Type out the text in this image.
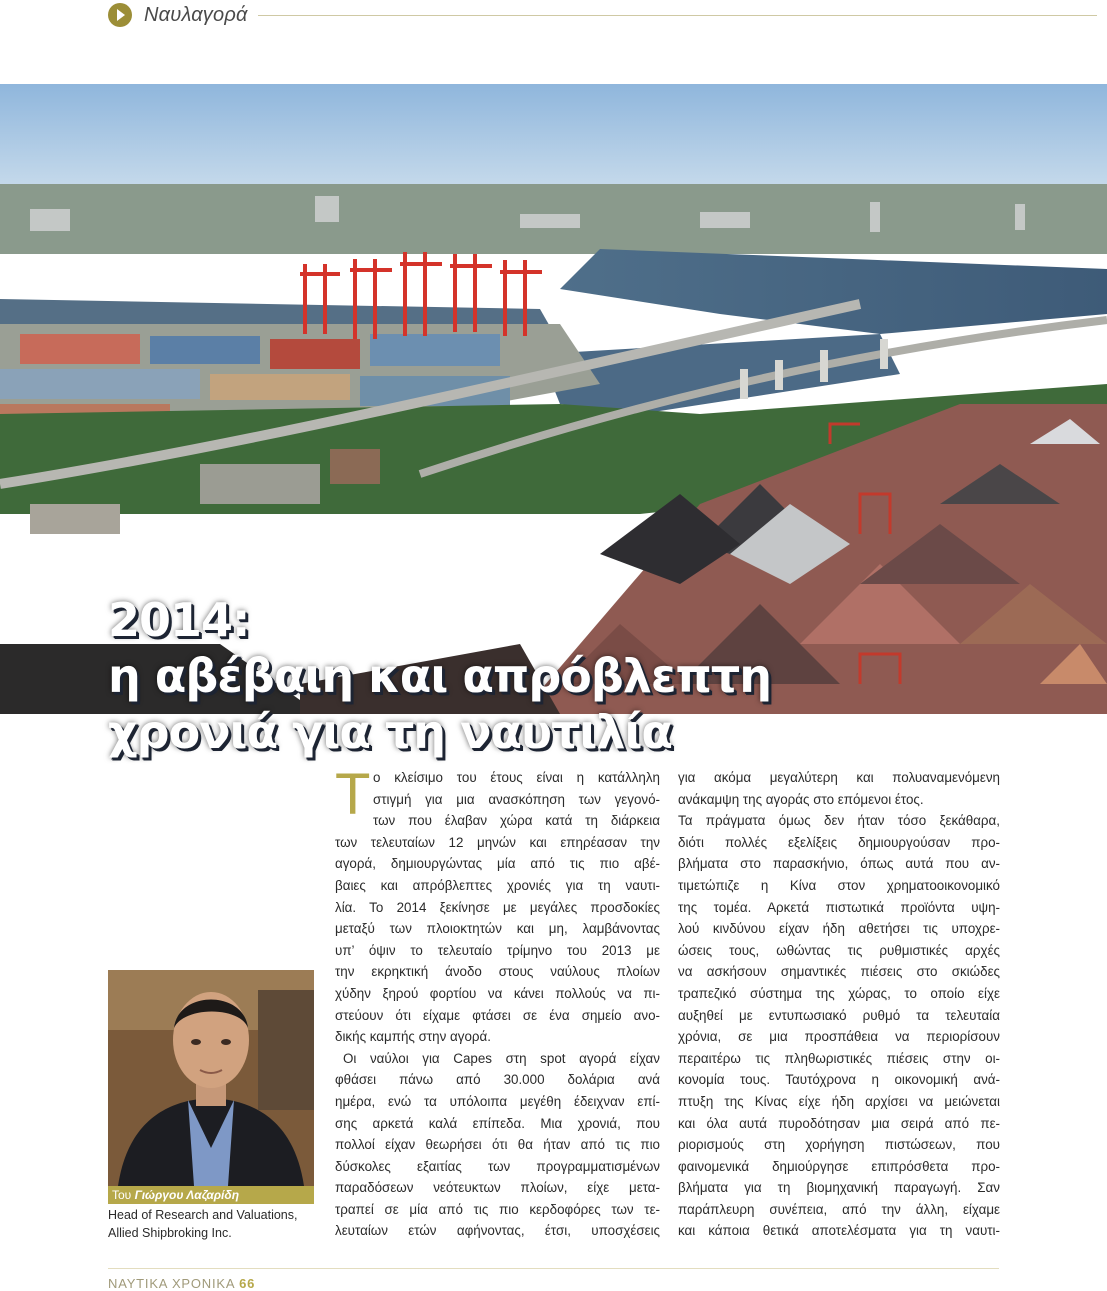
Ναυλαγορά
2014:
η αβέβαιη και απρόβλεπτη
χρονιά για τη ναυτιλία
Του Γιώργου Λαζαρίδη
Head of Research and Valuations,
Allied Shipbroking Inc.
Τ ο κλείσιμο του έτους είναι η κατάλληλη
στιγμή για μια ανασκόπηση των γεγονό-
των που έλαβαν χώρα κατά τη διάρκεια
των τελευταίων 12 μηνών και επηρέασαν την
αγορά, δημιουργώντας μία από τις πιο αβέ-
βαιες και απρόβλεπτες χρονιές για τη ναυτι-
λία. Το 2014 ξεκίνησε με μεγάλες προσδοκίες
μεταξύ των πλοιοκτητών και μη, λαμβάνοντας
υπ’ όψιν το τελευταίο τρίμηνο του 2013 με
την εκρηκτική άνοδο στους ναύλους πλοίων
χύδην ξηρού φορτίου να κάνει πολλούς να πι-
στεύουν ότι είχαμε φτάσει σε ένα σημείο ανο-
δικής καμπής στην αγορά.
Οι ναύλοι για Capes στη spot αγορά είχαν
φθάσει πάνω από 30.000 δολάρια ανά
ημέρα, ενώ τα υπόλοιπα μεγέθη έδειχναν επί-
σης αρκετά καλά επίπεδα. Μια χρονιά, που
πολλοί είχαν θεωρήσει ότι θα ήταν από τις πιο
δύσκολες εξαιτίας των προγραμματισμένων
παραδόσεων νεότευκτων πλοίων, είχε μετα-
τραπεί σε μία από τις πιο κερδοφόρες των τε-
λευταίων ετών αφήνοντας, έτσι, υποσχέσεις
για ακόμα μεγαλύτερη και πολυαναμενόμενη
ανάκαμψη της αγοράς στο επόμενοι έτος.
Τα πράγματα όμως δεν ήταν τόσο ξεκάθαρα,
διότι πολλές εξελίξεις δημιουργούσαν προ-
βλήματα στο παρασκήνιο, όπως αυτά που αν-
τιμετώπιζε η Κίνα στον χρηματοοικονομικό
της τομέα. Αρκετά πιστωτικά προϊόντα υψη-
λού κινδύνου είχαν ήδη αθετήσει τις υποχρε-
ώσεις τους, ωθώντας τις ρυθμιστικές αρχές
να ασκήσουν σημαντικές πιέσεις στο σκιώδες
τραπεζικό σύστημα της χώρας, το οποίο είχε
αυξηθεί με εντυπωσιακό ρυθμό τα τελευταία
χρόνια, σε μια προσπάθεια να περιορίσουν
περαιτέρω τις πληθωριστικές πιέσεις στην οι-
κονομία τους. Ταυτόχρονα η οικονομική ανά-
πτυξη της Κίνας είχε ήδη αρχίσει να μειώνεται
και όλα αυτά πυροδότησαν μια σειρά από πε-
ριορισμούς στη χορήγηση πιστώσεων, που
φαινομενικά δημιούργησε επιπρόσθετα προ-
βλήματα για τη βιομηχανική παραγωγή. Σαν
παράπλευρη συνέπεια, από την άλλη, είχαμε
και κάποια θετικά αποτελέσματα για τη ναυτι-
ΝΑΥΤΙΚΑ ΧΡΟΝΙΚΑ 66
